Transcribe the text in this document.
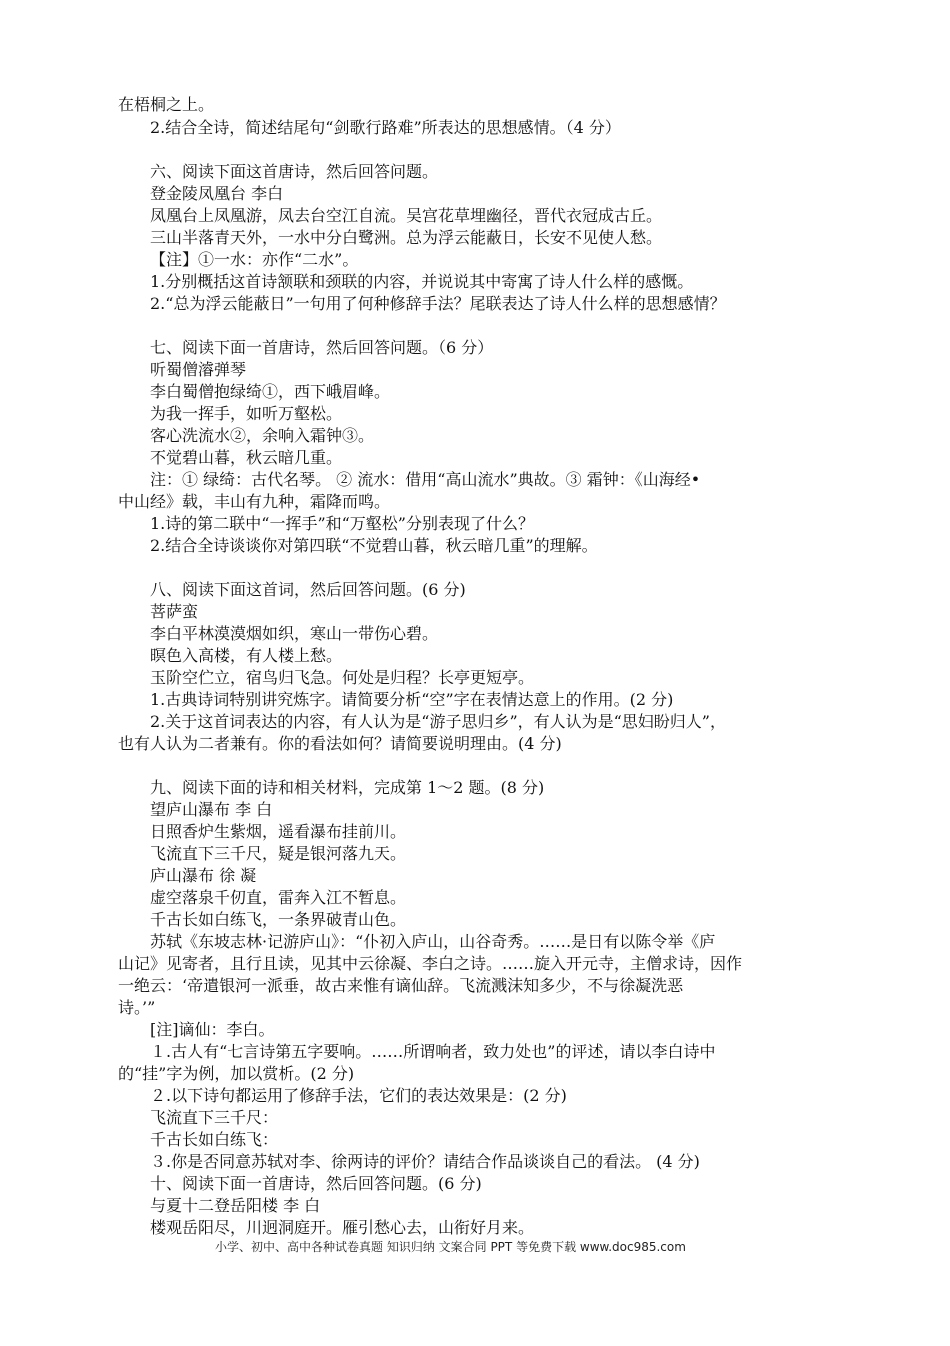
在梧桐之上。
2.结合全诗，简述结尾句“剑歌行路难”所表达的思想感情。（4 分）
六、阅读下面这首唐诗，然后回答问题。
登金陵凤凰台 李白
凤凰台上凤凰游，凤去台空江自流。吴宫花草埋幽径，晋代衣冠成古丘。
三山半落青天外，一水中分白鹭洲。总为浮云能蔽日，长安不见使人愁。
【注】①一水：亦作“二水”。
1.分别概括这首诗颔联和颈联的内容，并说说其中寄寓了诗人什么样的感慨。
2.“总为浮云能蔽日”一句用了何种修辞手法？尾联表达了诗人什么样的思想感情？
七、阅读下面一首唐诗，然后回答问题。（6 分）
听蜀僧濬弹琴
李白蜀僧抱绿绮①，西下峨眉峰。
为我一挥手，如听万壑松。
客心洗流水②，余响入霜钟③。
不觉碧山暮，秋云暗几重。
注：① 绿绮：古代名琴。 ② 流水：借用“高山流水”典故。③ 霜钟：《山海经•
中山经》载，丰山有九种，霜降而鸣。
1.诗的第二联中“一挥手”和“万壑松”分别表现了什么？
2.结合全诗谈谈你对第四联“不觉碧山暮，秋云暗几重”的理解。
八、阅读下面这首词，然后回答问题。(6 分)
菩萨蛮
李白平林漠漠烟如织，寒山一带伤心碧。
暝色入高楼，有人楼上愁。
玉阶空伫立，宿鸟归飞急。何处是归程？长亭更短亭。
1.古典诗词特别讲究炼字。请简要分析“空”字在表情达意上的作用。(2 分)
2.关于这首词表达的内容，有人认为是“游子思归乡”，有人认为是“思妇盼归人”，
也有人认为二者兼有。你的看法如何？请简要说明理由。(4 分)
九、阅读下面的诗和相关材料，完成第 1～2 题。(8 分)
望庐山瀑布 李 白
日照香炉生紫烟，遥看瀑布挂前川。
飞流直下三千尺，疑是银河落九天。
庐山瀑布 徐 凝
虚空落泉千仞直，雷奔入江不暂息。
千古长如白练飞，一条界破青山色。
苏轼《东坡志林·记游庐山》：“仆初入庐山，山谷奇秀。……是日有以陈令举《庐
山记》见寄者，且行且读，见其中云徐凝、李白之诗。……旋入开元寺，主僧求诗，因作
一绝云：‘帝遣银河一派垂，故古来惟有谪仙辞。飞流溅沫知多少，不与徐凝洗恶
诗。’”
[注]谪仙：李白。
１.古人有“七言诗第五字要响。……所谓响者，致力处也”的评述，请以李白诗中
的“挂”字为例，加以赏析。(2 分)
２.以下诗句都运用了修辞手法，它们的表达效果是：(2 分)
飞流直下三千尺：
千古长如白练飞：
３.你是否同意苏轼对李、徐两诗的评价？请结合作品谈谈自己的看法。 (4 分)
十、阅读下面一首唐诗，然后回答问题。(6 分)
与夏十二登岳阳楼 李 白
楼观岳阳尽，川迥洞庭开。雁引愁心去，山衔好月来。
小学、初中、高中各种试卷真题 知识归纳 文案合同 PPT 等免费下载 www.doc985.com
